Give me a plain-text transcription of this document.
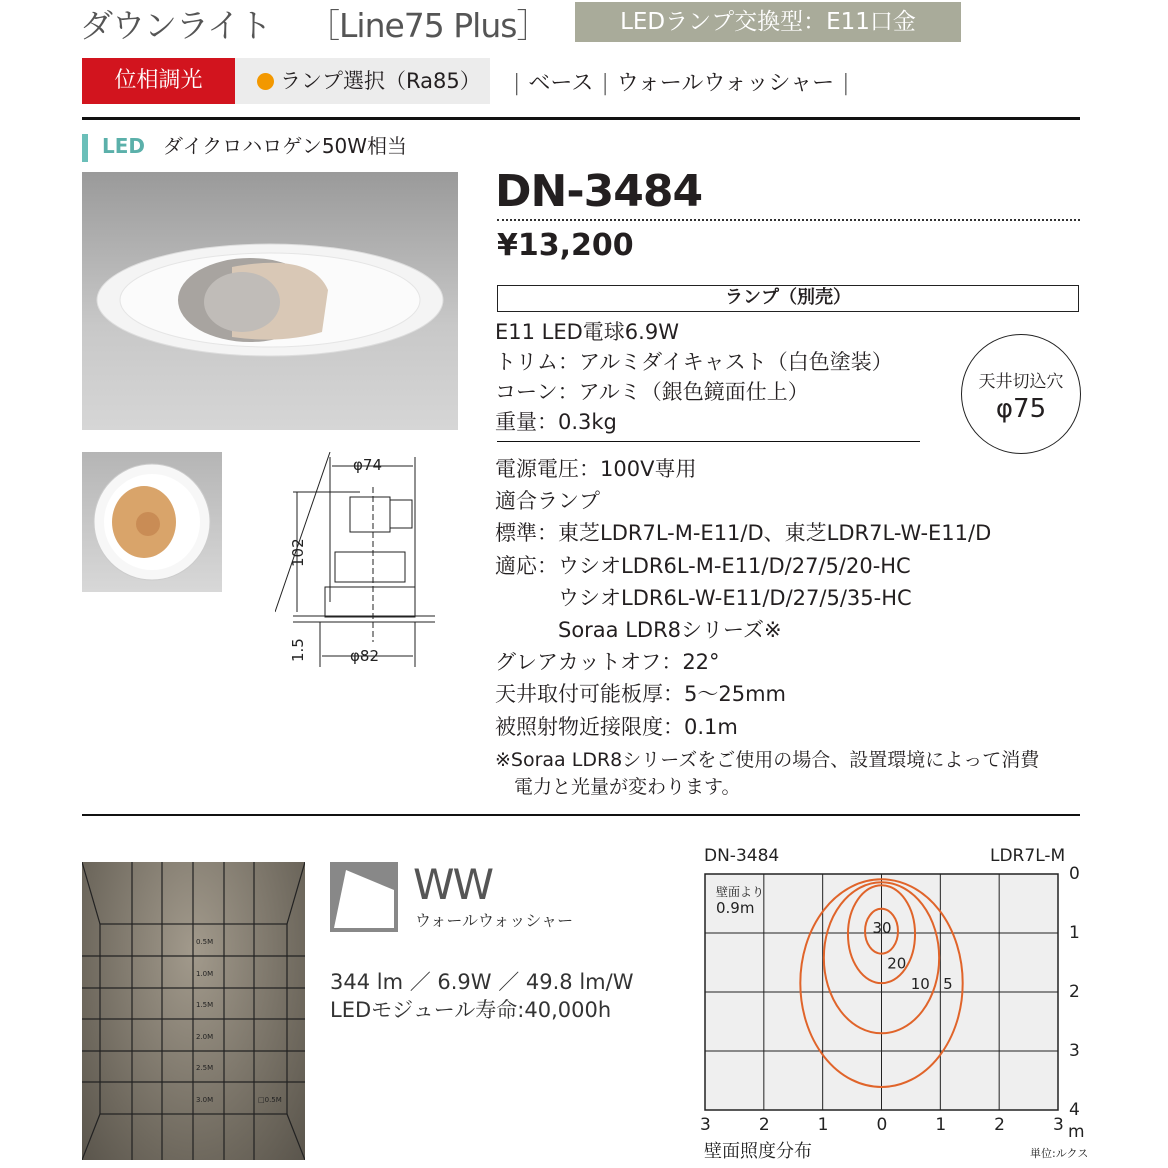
ダウンライト ［Line75 Plus］	LEDランプ交換型：E11口金
位相調光	ランプ選択（Ra85）	| ベース | ウォールウォッシャー |
LED ダイクロハロゲン50W相当
φ74
102
1.5	φ82
DN-3484
¥13,200
ランプ（別売）
E11 LED電球6.9W
トリム：アルミダイキャスト（白色塗装）
コーン：アルミ（銀色鏡面仕上）
重量：0.3kg
天井切込穴
φ75
電源電圧：100V専用
適合ランプ
標準：東芝LDR7L-M-E11/D、東芝LDR7L-W-E11/D
適応：ウシオLDR6L-M-E11/D/27/5/20-HC
　　　ウシオLDR6L-W-E11/D/27/5/35-HC
　　　Soraa LDR8シリーズ※
グレアカットオフ：22°
天井取付可能板厚：5〜25mm
被照射物近接限度：0.1m
※Soraa LDR8シリーズをご使用の場合、設置環境によって消費
　電力と光量が変わります。
0.5M
1.0M
1.5M
2.0M
2.5M
3.0M	□0.5M
WW
ウォールウォッシャー
344 lm ／ 6.9W ／ 49.8 lm/W
LEDモジュール寿命:40,000h
30
20
10 5
DN-3484	LDR7L-M
壁面より
0.9m
3	2	1	0	1	2	3
0
1
2
3
4
m
壁面照度分布	単位:ルクス
